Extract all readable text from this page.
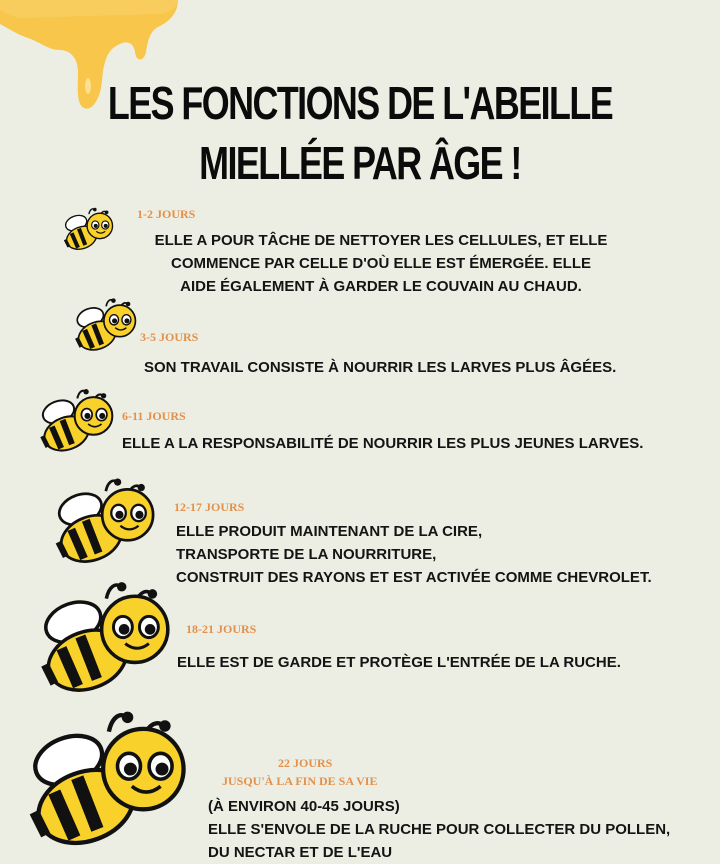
LES FONCTIONS DE L'ABEILLE
MIELLÉE PAR ÂGE !
1-2 JOURS
ELLE A POUR TÂCHE DE NETTOYER LES CELLULES, ET ELLE
COMMENCE PAR CELLE D'OÙ ELLE EST ÉMERGÉE. ELLE
AIDE ÉGALEMENT À GARDER LE COUVAIN AU CHAUD.
3-5 JOURS
SON TRAVAIL CONSISTE À NOURRIR LES LARVES PLUS ÂGÉES.
6-11 JOURS
ELLE A LA RESPONSABILITÉ DE NOURRIR LES PLUS JEUNES LARVES.
12-17 JOURS
ELLE PRODUIT MAINTENANT DE LA CIRE,
TRANSPORTE DE LA NOURRITURE,
CONSTRUIT DES RAYONS ET EST ACTIVÉE COMME CHEVROLET.
18-21 JOURS
ELLE EST DE GARDE ET PROTÈGE L'ENTRÉE DE LA RUCHE.
22 JOURS
JUSQU'À LA FIN DE SA VIE
(À ENVIRON 40-45 JOURS)
ELLE S'ENVOLE DE LA RUCHE POUR COLLECTER DU POLLEN,
DU NECTAR ET DE L'EAU
